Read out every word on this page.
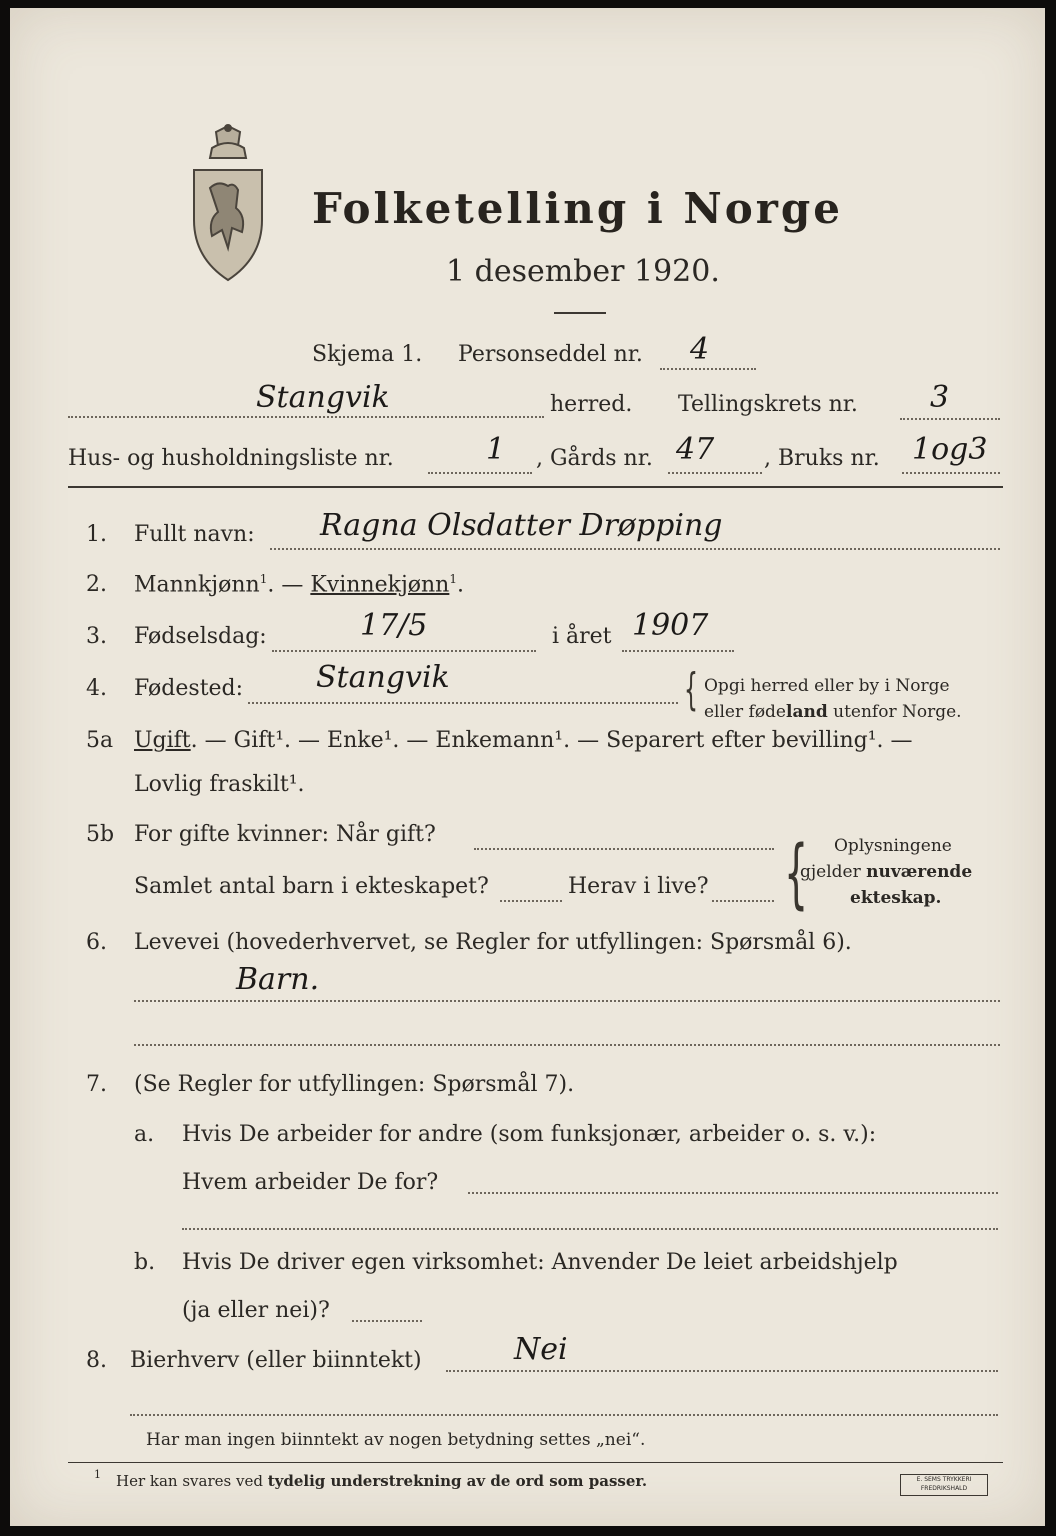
Folketelling i Norge
1 desember 1920.
Skjema 1. Personseddel nr. 4
Stangvik	herred. Tellingskrets nr. 3
Hus- og husholdningsliste nr.	1 , Gårds nr. 47 , Bruks nr. 1og3
1. Fullt navn: Ragna Olsdatter Drøpping
2. Mannkjønn$^1$. — Kvinnekjønn$^1$.
3. Fødselsdag:	17/5	i året 1907
4. Fødested: Stangvik	{ Opgi herred eller by i Norge
eller fødeland utenfor Norge.
5a Ugift. — Gift¹. — Enke¹. — Enkemann¹. — Separert efter bevilling¹. —
Lovlig fraskilt¹.
5b For gifte kvinner: Når gift?
Samlet antal barn i ekteskapet?	Herav i live? { Oplysningene
gjelder nuværende
ekteskap.
6. Levevei (hovederhvervet, se Regler for utfyllingen: Spørsmål 6).
Barn.
7. (Se Regler for utfyllingen: Spørsmål 7).
a. Hvis De arbeider for andre (som funksjonær, arbeider o. s. v.):
Hvem arbeider De for?
b. Hvis De driver egen virksomhet: Anvender De leiet arbeidshjelp
(ja eller nei)?
8. Bierhverv (eller biinntekt)	Nei
Har man ingen biinntekt av nogen betydning settes „nei“.
1 Her kan svares ved tydelig understrekning av de ord som passer.	E. SEMS TRYKKERI FREDRIKSHALD
